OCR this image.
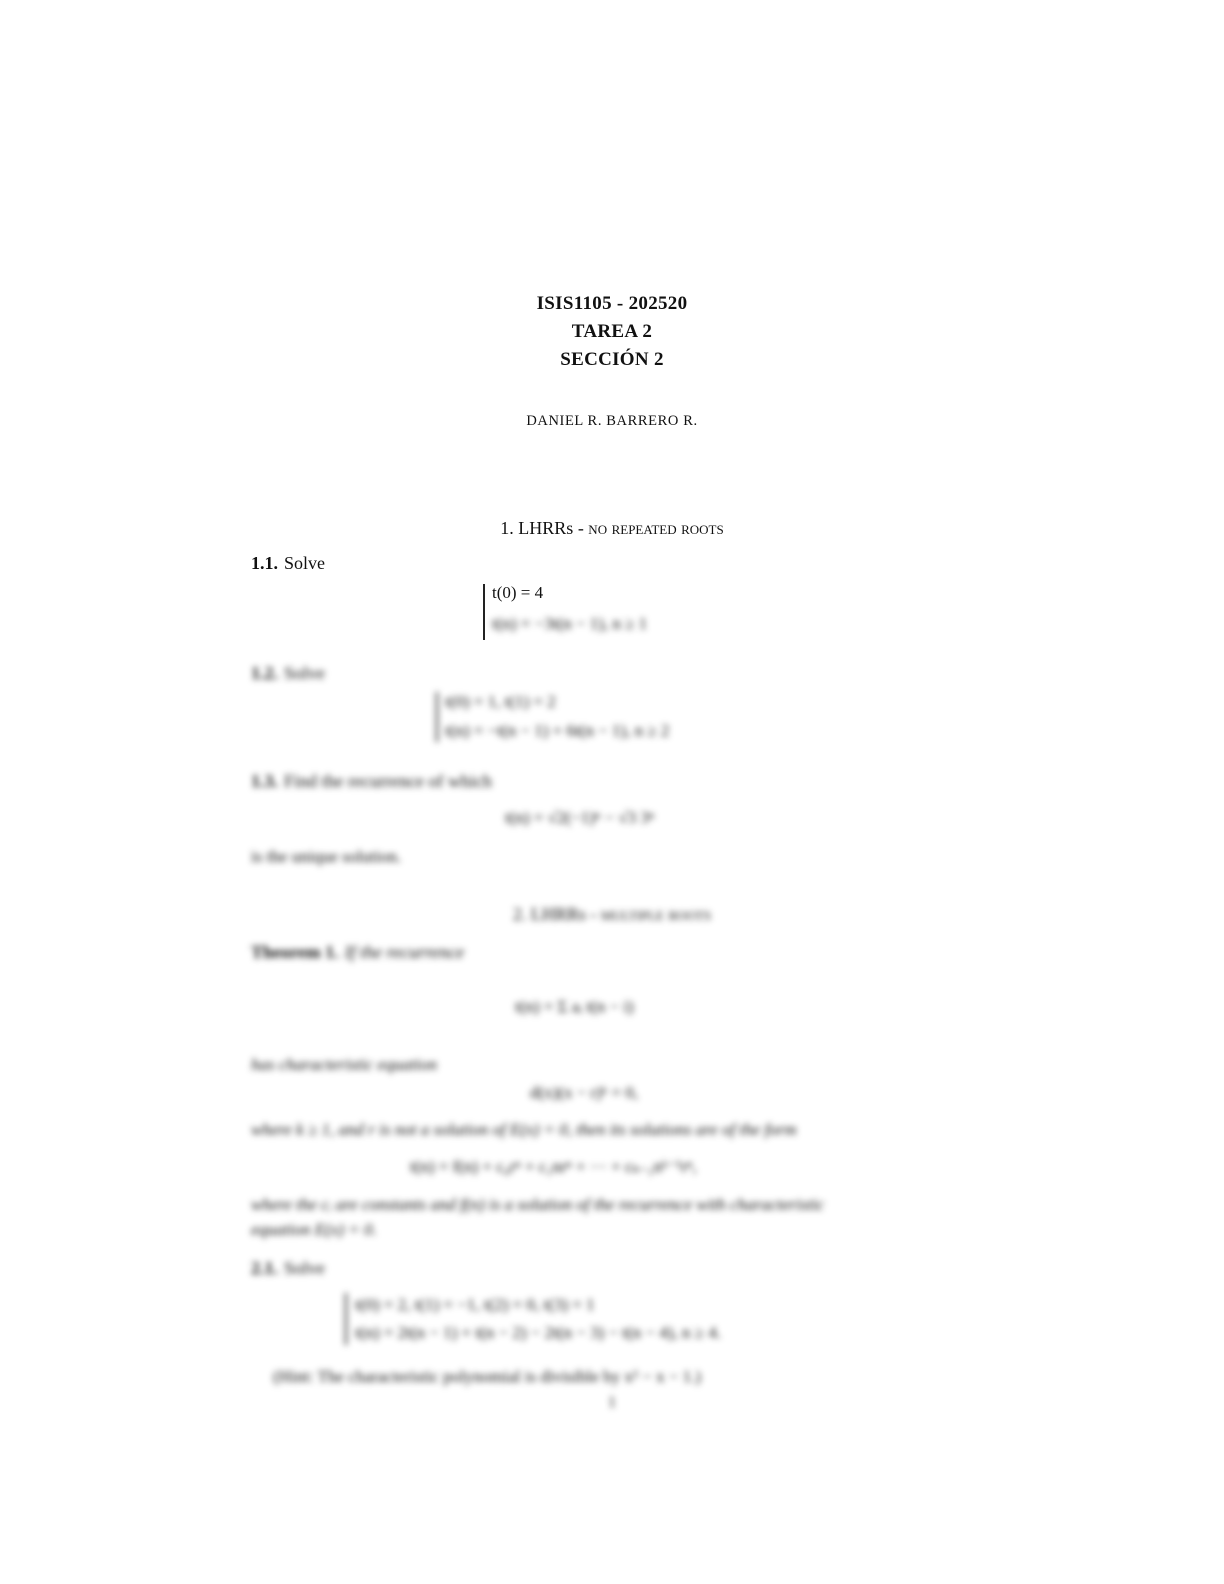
ISIS1105 - 202520
TAREA 2
SECCIÓN 2
DANIEL R. BARRERO R.
1. LHRRs - no repeated roots
1.1. Solve
t(0) = 4
t(n) = −3t(n − 1), n ≥ 1
1.2. Solve
t(0) = 1, t(1) = 2
t(n) = −t(n − 1) + 6t(n − 1), n ≥ 2
1.3. Find the recurrence of which
t(n) = √2(−1)ⁿ − √3 3ⁿ
is the unique solution.
2. LHRRs - multiple roots
Theorem 1. If the recurrence
t(n) = Σ aᵢ t(n − i)
has characteristic equation
d(x)(x − r)ᵏ = 0,
where k ≥ 1, and r is not a solution of E(x) = 0, then its solutions are of the form
t(n) = f(n) + c₀rⁿ + c₁nrⁿ + ··· + cₖ₋₁nᵏ⁻¹rⁿ,
where the cᵢ are constants and f(n) is a solution of the recurrence with characteristic
equation E(x) = 0.
2.1. Solve
t(0) = 2, t(1) = −1, t(2) = 0, t(3) = 1
t(n) = 2t(n − 1) + t(n − 2) − 2t(n − 3) − t(n − 4), n ≥ 4.
(Hint: The characteristic polynomial is divisible by x² − x − 1.)
1
